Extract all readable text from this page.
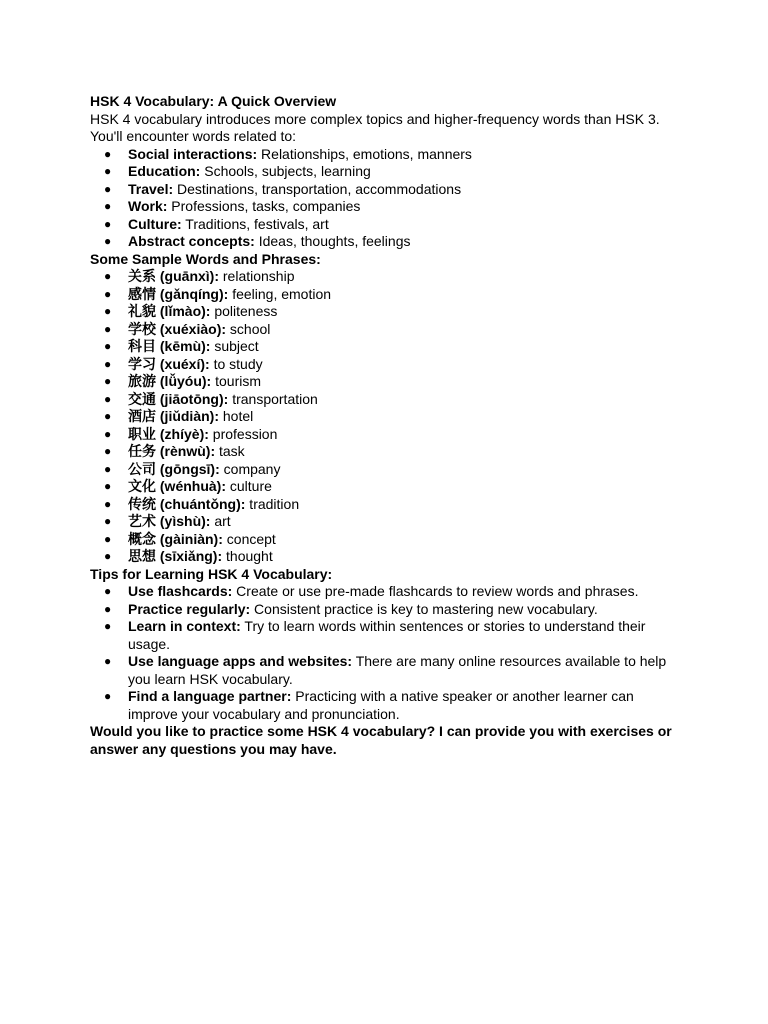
HSK 4 Vocabulary: A Quick Overview

HSK 4 vocabulary introduces more complex topics and higher-frequency words than HSK 3. You'll encounter words related to:

● Social interactions: Relationships, emotions, manners
● Education: Schools, subjects, learning
● Travel: Destinations, transportation, accommodations
● Work: Professions, tasks, companies
● Culture: Traditions, festivals, art
● Abstract concepts: Ideas, thoughts, feelings

Some Sample Words and Phrases:

● 关系 (guānxì): relationship
● 感情 (gǎnqíng): feeling, emotion
● 礼貌 (lǐmào): politeness
● 学校 (xuéxiào): school
● 科目 (kēmù): subject
● 学习 (xuéxí): to study
● 旅游 (lǚyóu): tourism
● 交通 (jiāotōng): transportation
● 酒店 (jiǔdiàn): hotel
● 职业 (zhíyè): profession
● 任务 (rènwù): task
● 公司 (gōngsī): company
● 文化 (wénhuà): culture
● 传统 (chuántǒng): tradition
● 艺术 (yìshù): art
● 概念 (gàiniàn): concept
● 思想 (sīxiǎng): thought

Tips for Learning HSK 4 Vocabulary:

● Use flashcards: Create or use pre-made flashcards to review words and phrases.
● Practice regularly: Consistent practice is key to mastering new vocabulary.
● Learn in context: Try to learn words within sentences or stories to understand their usage.
● Use language apps and websites: There are many online resources available to help you learn HSK vocabulary.
● Find a language partner: Practicing with a native speaker or another learner can improve your vocabulary and pronunciation.

Would you like to practice some HSK 4 vocabulary? I can provide you with exercises or answer any questions you may have.
